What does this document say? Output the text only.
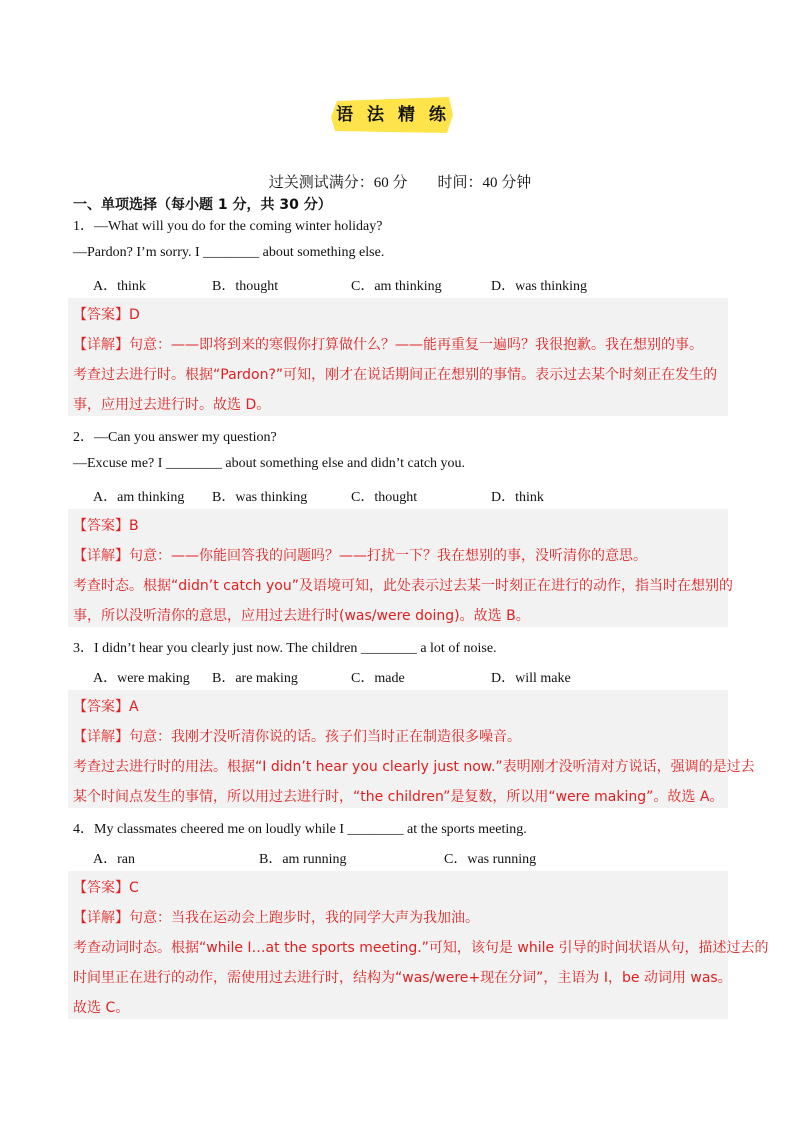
语 法 精 练
过关测试满分：60 分 时间：40 分钟
一、单项选择（每小题 1 分，共 30 分）
1．—What will you do for the coming winter holiday?
—Pardon? I’m sorry. I ________ about something else.
A．think	B．thought	C．am thinking	D．was thinking
【答案】D
【详解】句意：——即将到来的寒假你打算做什么？——能再重复一遍吗？我很抱歉。我在想别的事。
考查过去进行时。根据“Pardon?”可知，刚才在说话期间正在想别的事情。表示过去某个时刻正在发生的
事，应用过去进行时。故选 D。
2．—Can you answer my question?
—Excuse me? I ________ about something else and didn’t catch you.
A．am thinking B．was thinking	C．thought	D．think
【答案】B
【详解】句意：——你能回答我的问题吗？——打扰一下？我在想别的事，没听清你的意思。
考查时态。根据“didn’t catch you”及语境可知，此处表示过去某一时刻正在进行的动作，指当时在想别的
事，所以没听清你的意思，应用过去进行时(was/were doing)。故选 B。
3．I didn’t hear you clearly just now. The children ________ a lot of noise.
A．were making B．are making	C．made	D．will make
【答案】A
【详解】句意：我刚才没听清你说的话。孩子们当时正在制造很多噪音。
考查过去进行时的用法。根据“I didn’t hear you clearly just now.”表明刚才没听清对方说话，强调的是过去
某个时间点发生的事情，所以用过去进行时，“the children”是复数，所以用“were making”。故选 A。
4．My classmates cheered me on loudly while I ________ at the sports meeting.
A．ran	B．am running	C．was running
【答案】C
【详解】句意：当我在运动会上跑步时，我的同学大声为我加油。
考查动词时态。根据“while I…at the sports meeting.”可知，该句是 while 引导的时间状语从句，描述过去的
时间里正在进行的动作，需使用过去进行时，结构为“was/were+现在分词”，主语为 I，be 动词用 was。
故选 C。
